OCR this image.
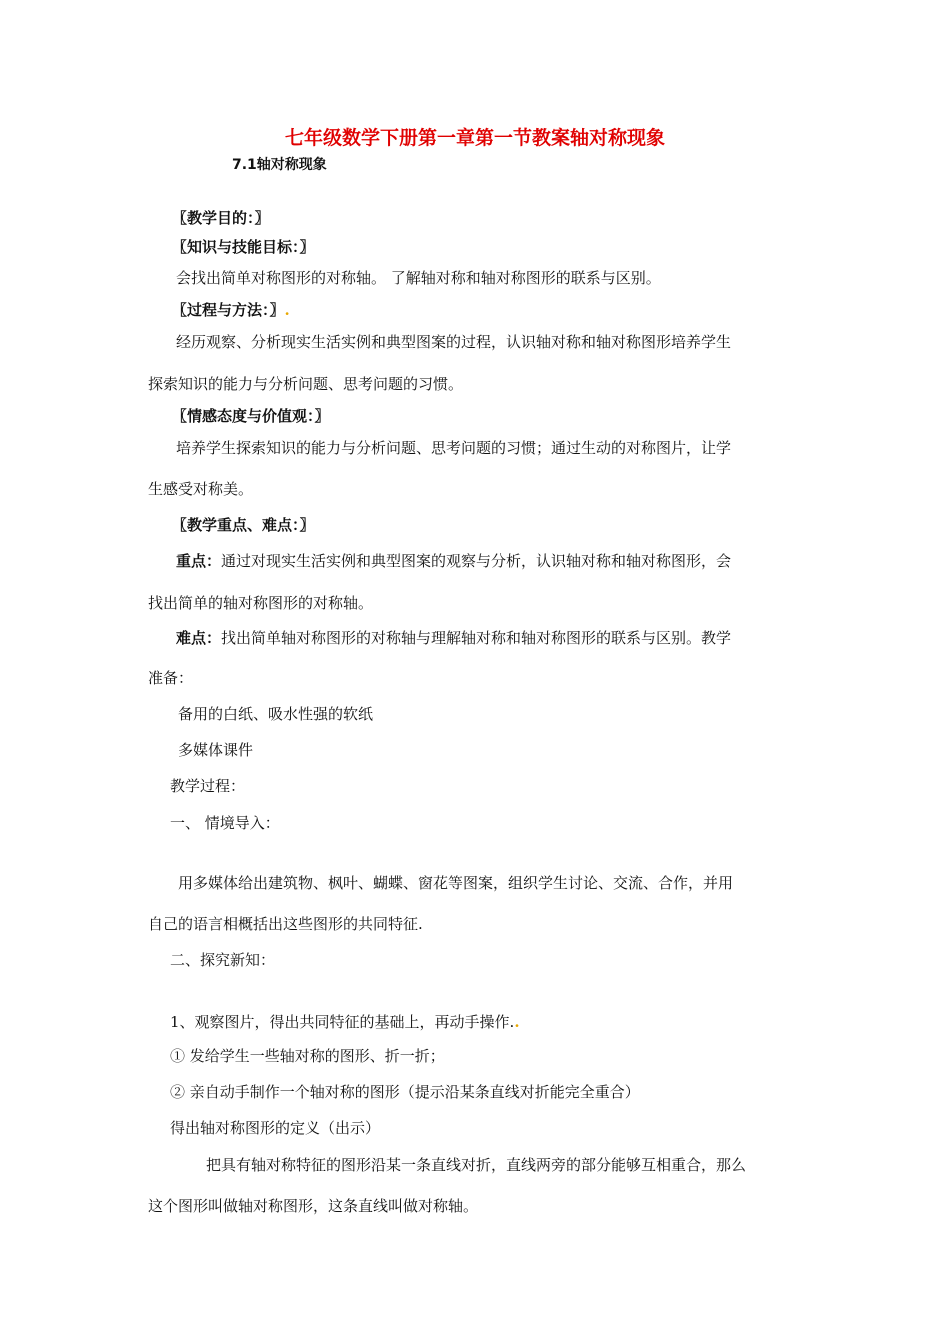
七年级数学下册第一章第一节教案轴对称现象
7.1轴对称现象
〖教学目的：〗
〖知识与技能目标：〗
会找出简单对称图形的对称轴。 了解轴对称和轴对称图形的联系与区别。
〖过程与方法：〗.
经历观察、分析现实生活实例和典型图案的过程，认识轴对称和轴对称图形培养学生
探索知识的能力与分析问题、思考问题的习惯。
〖情感态度与价值观：〗
培养学生探索知识的能力与分析问题、思考问题的习惯；通过生动的对称图片，让学
生感受对称美。
〖教学重点、难点：〗
重点：通过对现实生活实例和典型图案的观察与分析，认识轴对称和轴对称图形，会
找出简单的轴对称图形的对称轴。
难点：找出简单轴对称图形的对称轴与理解轴对称和轴对称图形的联系与区别。教学
准备：
备用的白纸、吸水性强的软纸
多媒体课件
教学过程：
一、 情境导入：
用多媒体给出建筑物、枫叶、蝴蝶、窗花等图案，组织学生讨论、交流、合作，并用
自己的语言相概括出这些图形的共同特征.
二、探究新知：
1、观察图片，得出共同特征的基础上，再动手操作..
① 发给学生一些轴对称的图形、折一折；
② 亲自动手制作一个轴对称的图形（提示沿某条直线对折能完全重合）
得出轴对称图形的定义（出示）
把具有轴对称特征的图形沿某一条直线对折，直线两旁的部分能够互相重合，那么
这个图形叫做轴对称图形，这条直线叫做对称轴。
